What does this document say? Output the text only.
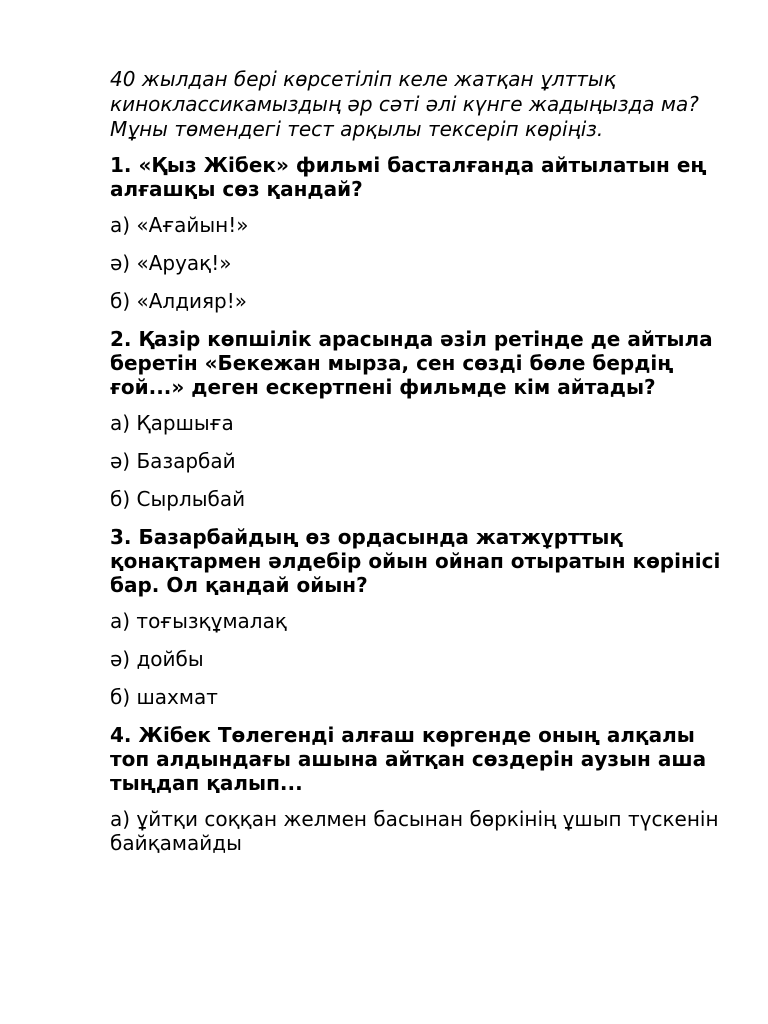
40 жылдан бері көрсетіліп келе жатқан ұлттық киноклассикамыздың әр сәті әлі күнге жадыңызда ма? Мұны төмендегі тест арқылы тексеріп көріңіз.

1. «Қыз Жібек» фильмі басталғанда айтылатын ең алғашқы сөз қандай?

а) «Ағайын!»

ә) «Аруақ!»

б) «Алдияр!»

2. Қазір көпшілік арасында әзіл ретінде де айтыла беретін «Бекежан мырза, сен сөзді бөле бердің ғой...» деген ескертпені фильмде кім айтады?

а) Қаршыға

ә) Базарбай

б) Сырлыбай

3. Базарбайдың өз ордасында жатжұрттық қонақтармен әлдебір ойын ойнап отыратын көрінісі бар. Ол қандай ойын?

а) тоғызқұмалақ

ә) дойбы

б) шахмат

4. Жібек Төлегенді алғаш көргенде оның алқалы топ алдындағы ашына айтқан сөздерін аузын аша тыңдап қалып...

а) ұйтқи соққан желмен басынан бөркінің ұшып түскенін байқамайды
